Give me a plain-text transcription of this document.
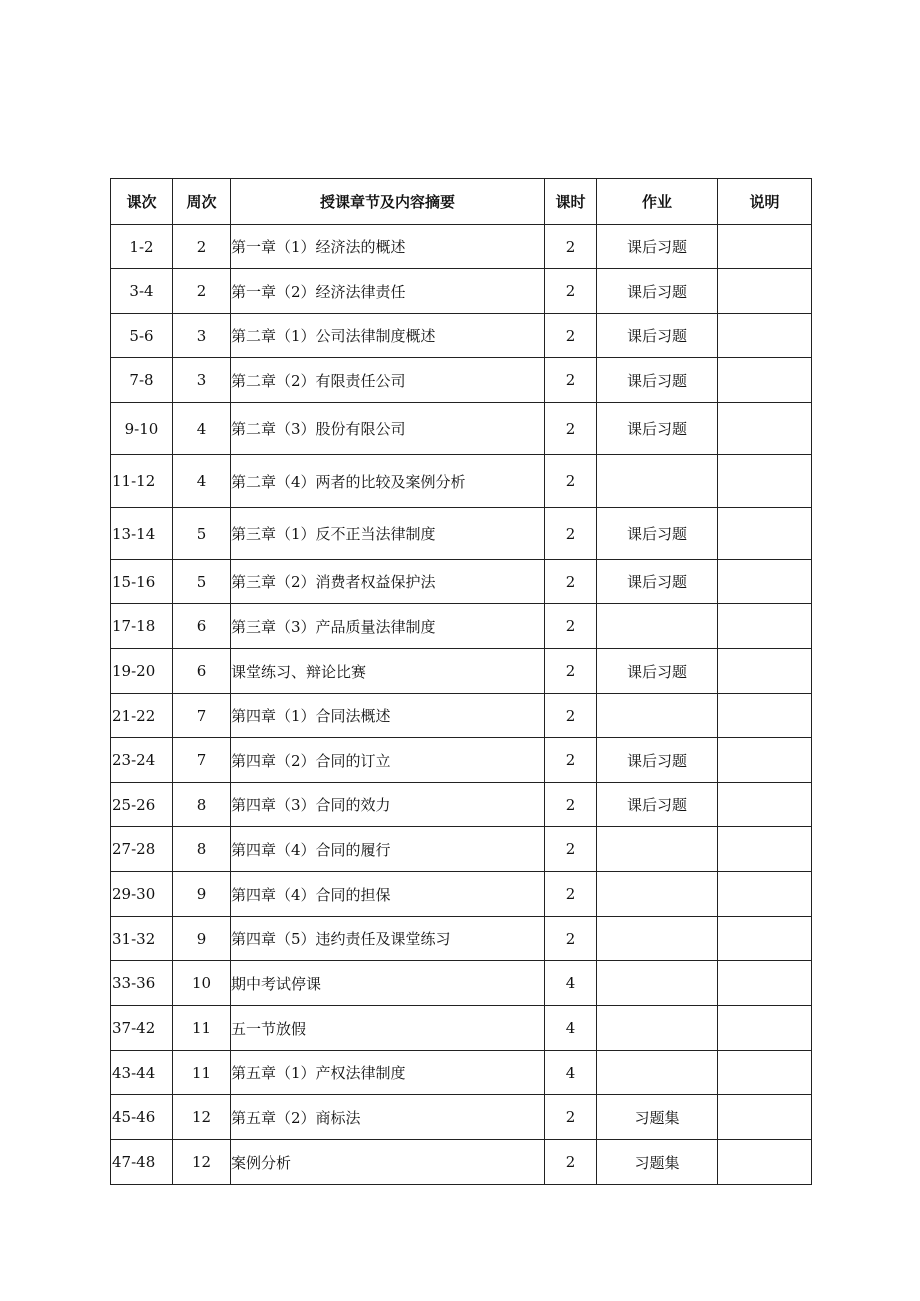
课次	周次	授课章节及内容摘要	课时	作业	说明
1-2	2	第一章（1）经济法的概述	2	课后习题	
3-4	2	第一章（2）经济法律责任	2	课后习题	
5-6	3	第二章（1）公司法律制度概述	2	课后习题	
7-8	3	第二章（2）有限责任公司	2	课后习题	
9-10	4	第二章（3）股份有限公司	2	课后习题	
11-12	4	第二章（4）两者的比较及案例分析	2		
13-14	5	第三章（1）反不正当法律制度	2	课后习题	
15-16	5	第三章（2）消费者权益保护法	2	课后习题	
17-18	6	第三章（3）产品质量法律制度	2		
19-20	6	课堂练习、辩论比赛	2	课后习题	
21-22	7	第四章（1）合同法概述	2		
23-24	7	第四章（2）合同的订立	2	课后习题	
25-26	8	第四章（3）合同的效力	2	课后习题	
27-28	8	第四章（4）合同的履行	2		
29-30	9	第四章（4）合同的担保	2		
31-32	9	第四章（5）违约责任及课堂练习	2		
33-36	10	期中考试停课	4		
37-42	11	五一节放假	4		
43-44	11	第五章（1）产权法律制度	4		
45-46	12	第五章（2）商标法	2	习题集	
47-48	12	案例分析	2	习题集	
